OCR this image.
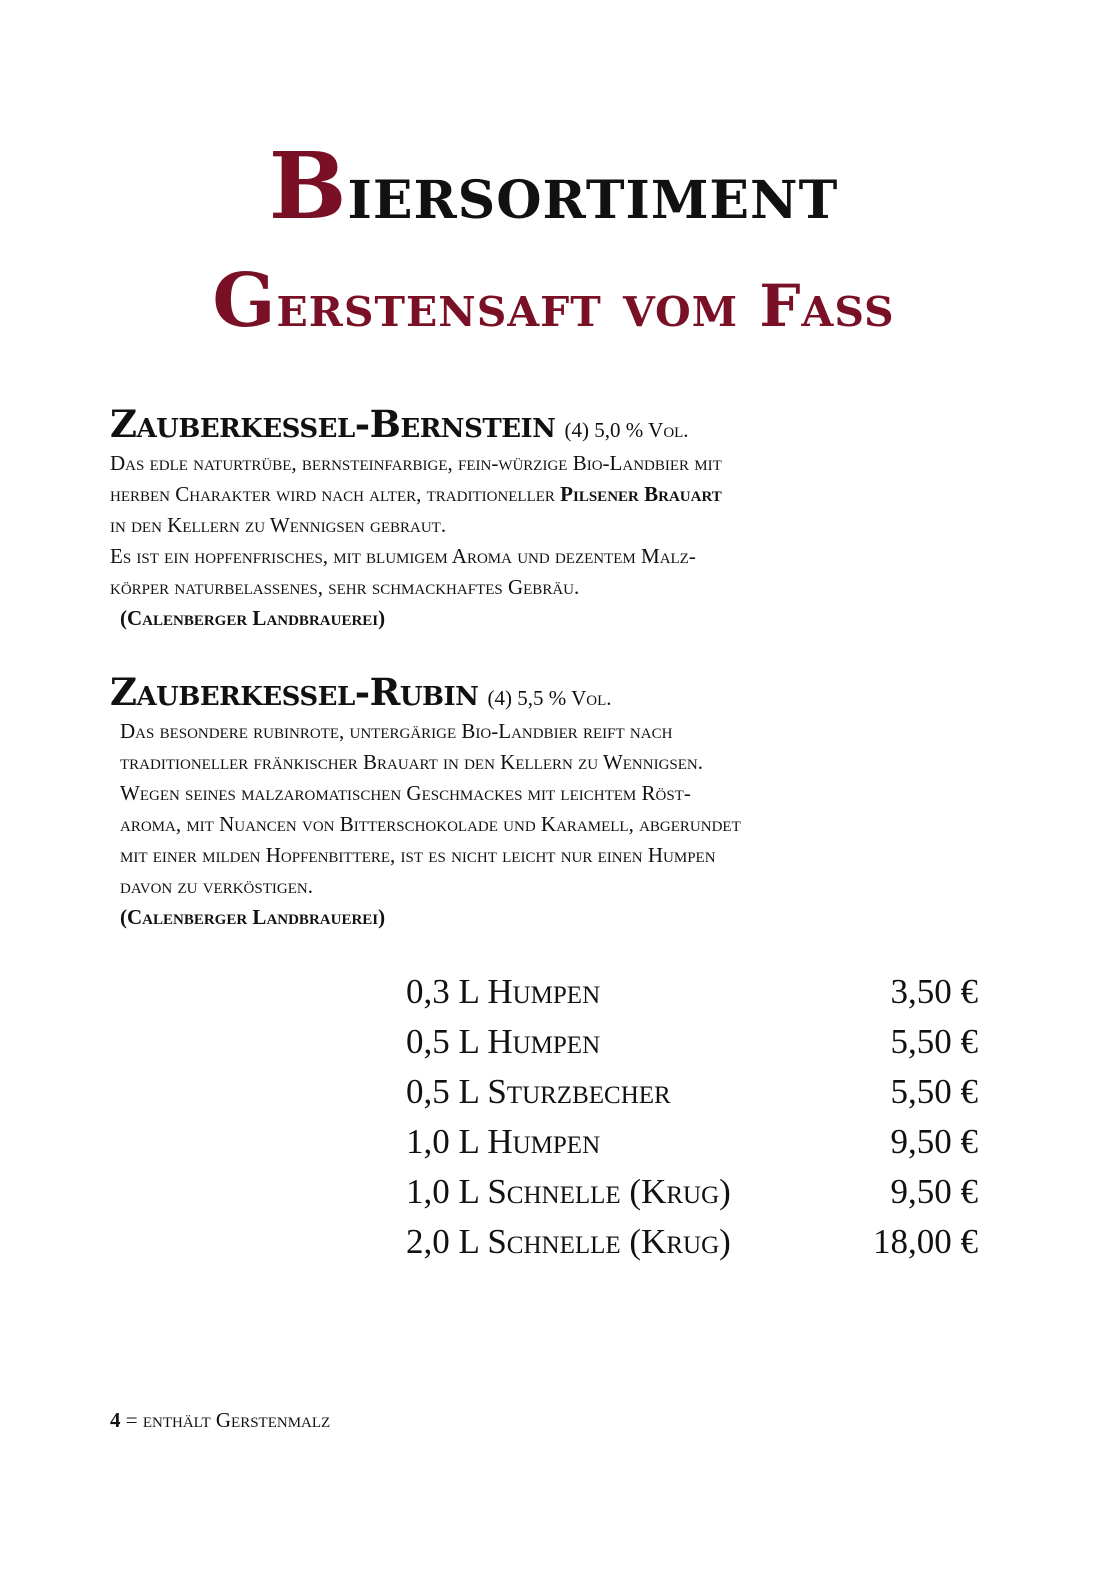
Biersortiment
Gerstensaft vom Fass
Zauberkessel-Bernstein (4) 5,0 % Vol.
Das edle naturtrübe, bernsteinfarbige, fein-würzige Bio-Landbier mit
herben Charakter wird nach alter, traditioneller Pilsener Brauart
in den Kellern zu Wennigsen gebraut.
Es ist ein hopfenfrisches, mit blumigem Aroma und dezentem Malz-
körper naturbelassenes, sehr schmackhaftes Gebräu.
(Calenberger Landbrauerei)
Zauberkessel-Rubin (4) 5,5 % Vol.
Das besondere rubinrote, untergärige Bio-Landbier reift nach
traditioneller fränkischer Brauart in den Kellern zu Wennigsen.
Wegen seines malzaromatischen Geschmackes mit leichtem Röst-
aroma, mit Nuancen von Bitterschokolade und Karamell, abgerundet
mit einer milden Hopfenbittere, ist es nicht leicht nur einen Humpen
davon zu verköstigen.
(Calenberger Landbrauerei)
0,3 L Humpen	3,50 €
0,5 L Humpen	5,50 €
0,5 L Sturzbecher	5,50 €
1,0 L Humpen	9,50 €
1,0 L Schnelle (Krug)	9,50 €
2,0 L Schnelle (Krug)	18,00 €
4 = enthält Gerstenmalz
